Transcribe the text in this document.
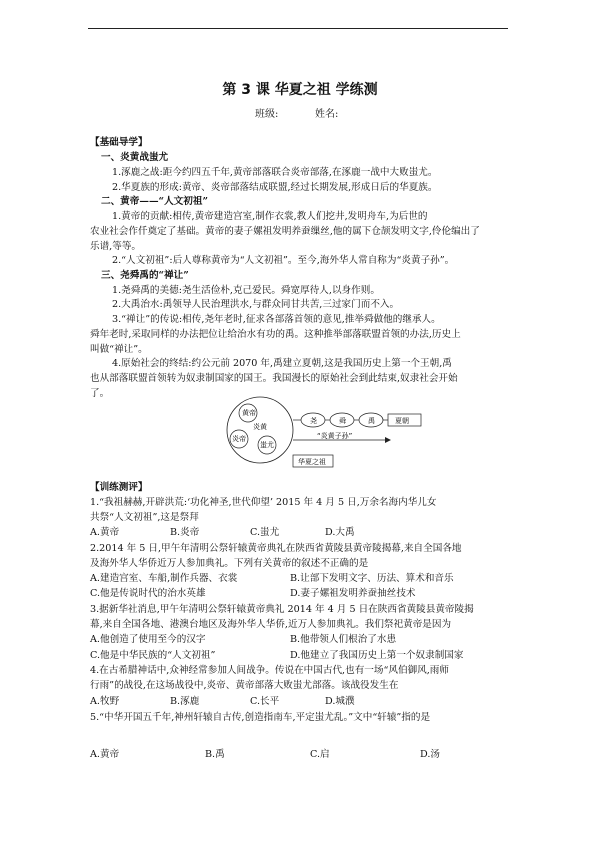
第 3 课 华夏之祖 学练测
班级:	姓名:
【基础导学】
一、炎黄战蚩尤
1.涿鹿之战:距今约四五千年,黄帝部落联合炎帝部落,在涿鹿一战中大败蚩尤。
2.华夏族的形成:黄帝、炎帝部落结成联盟,经过长期发展,形成日后的华夏族。
二、黄帝——“人文初祖”
1.黄帝的贡献:相传,黄帝建造宫室,制作衣裳,教人们挖井,发明舟车,为后世的
农业社会作仟奠定了基础。黄帝的妻子嫘祖发明养蚕缫丝,他的属下仓颉发明文字,伶伦编出了
乐谱,等等。
2.“人文初祖”:后人尊称黄帝为“人文初祖”。至今,海外华人常自称为“炎黄子孙”。
三、尧舜禹的“禅让”
1.尧舜禹的美德:尧生活俭朴,克己爱民。舜宽厚待人,以身作则。
2.大禹治水:禹领导人民治理洪水,与群众同甘共苦,三过家门而不入。
3.“禅让”的传说:相传,尧年老时,征求各部落首领的意见,推举舜做他的继承人。
舜年老时,采取同样的办法把位让给治水有功的禹。这种推举部落联盟首领的办法,历史上
叫做“禅让”。
4.原始社会的终结:约公元前 2070 年,禹建立夏朝,这是我国历史上第一个王朝,禹
也从部落联盟首领转为奴隶制国家的国王。我国漫长的原始社会到此结束,奴隶社会开始
了。
黄帝
炎黄
炎帝
蚩尤
尧	舜	禹	夏朝
“炎黄子孙”
华夏之祖
【训练测评】
1.“我祖赫赫,开辟洪荒:‘功化神圣,世代仰望’ 2015 年 4 月 5 日,万余名海内华儿女
共祭“人文初祖”,这是祭拜
A.黄帝	B.炎帝	C.蚩尤	D.大禹
2.2014 年 5 日,甲午年清明公祭轩辕黄帝典礼在陕西省黄陵县黄帝陵揭幕,来自全国各地
及海外华人华侨近万人参加典礼。下列有关黄帝的叙述不正确的是
A.建造宫室、车船,制作兵器、衣裳	B.让部下发明文字、历法、算术和音乐
C.他是传说时代的治水英雄	D.妻子嫘祖发明养蚕抽丝技术
3.据新华社消息,甲午年清明公祭轩辕黄帝典礼 2014 年 4 月 5 日在陕西省黄陵县黄帝陵揭
幕,来自全国各地、港澳台地区及海外华人华侨,近万人参加典礼。我们祭祀黄帝是因为
A.他创造了使用至今的汉字	B.他带领人们根治了水患
C.他是中华民族的“人文初祖”	D.他建立了我国历史上第一个奴隶制国家
4.在古希腊神话中,众神经常参加人间战争。传说在中国古代,也有一场“风伯御风,雨师
行雨”的战役,在这场战役中,炎帝、黄帝部落大败蚩尤部落。该战役发生在
A.牧野	B.涿鹿	C.长平	D.城濮
5.“中华开国五千年,神州轩辕自古传,创造指南车,平定蚩尤乱。”文中“轩辕”指的是
A.黄帝	B.禹	C.启	D.汤
